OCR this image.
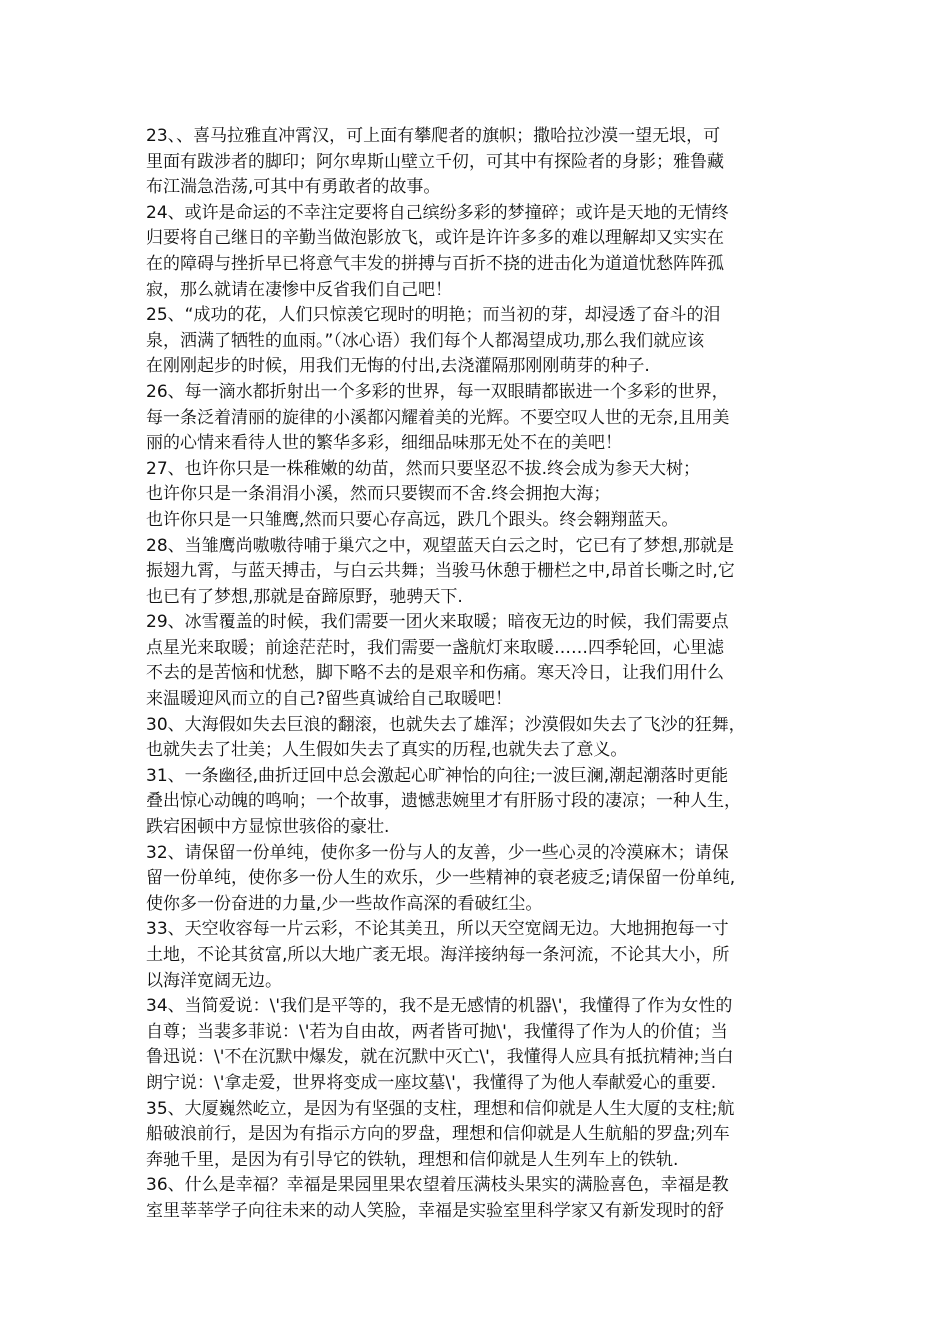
23、、喜马拉雅直冲霄汉，可上面有攀爬者的旗帜；撒哈拉沙漠一望无垠，可
里面有跋涉者的脚印；阿尔卑斯山壁立千仞，可其中有探险者的身影；雅鲁藏
布江湍急浩荡,可其中有勇敢者的故事。
24、或许是命运的不幸注定要将自己缤纷多彩的梦撞碎；或许是天地的无情终
归要将自己继日的辛勤当做泡影放飞，或许是许许多多的难以理解却又实实在
在的障碍与挫折早已将意气丰发的拼搏与百折不挠的进击化为道道忧愁阵阵孤
寂，那么就请在凄惨中反省我们自己吧！
25、“成功的花，人们只惊羡它现时的明艳；而当初的芽，却浸透了奋斗的泪
泉，洒满了牺牲的血雨。”（冰心语）我们每个人都渴望成功,那么我们就应该
在刚刚起步的时候，用我们无悔的付出,去浇灌隔那刚刚萌芽的种子.
26、每一滴水都折射出一个多彩的世界，每一双眼睛都嵌进一个多彩的世界，
每一条泛着清丽的旋律的小溪都闪耀着美的光辉。不要空叹人世的无奈,且用美
丽的心情来看待人世的繁华多彩，细细品味那无处不在的美吧！
27、也许你只是一株稚嫩的幼苗，然而只要坚忍不拔.终会成为参天大树；
也许你只是一条涓涓小溪，然而只要锲而不舍.终会拥抱大海；
也许你只是一只雏鹰,然而只要心存高远，跌几个跟头。终会翱翔蓝天。
28、当雏鹰尚嗷嗷待哺于巢穴之中，观望蓝天白云之时，它已有了梦想,那就是
振翅九霄，与蓝天搏击，与白云共舞；当骏马休憩于栅栏之中,昂首长嘶之时,它
也已有了梦想,那就是奋蹄原野，驰骋天下.
29、冰雪覆盖的时候，我们需要一团火来取暖；暗夜无边的时候，我们需要点
点星光来取暖；前途茫茫时，我们需要一盏航灯来取暖……四季轮回，心里滤
不去的是苦恼和忧愁，脚下略不去的是艰辛和伤痛。寒天冷日，让我们用什么
来温暖迎风而立的自己?留些真诚给自己取暖吧！
30、大海假如失去巨浪的翻滚，也就失去了雄浑；沙漠假如失去了飞沙的狂舞，
也就失去了壮美；人生假如失去了真实的历程,也就失去了意义。
31、一条幽径,曲折迂回中总会激起心旷神怡的向往;一波巨澜,潮起潮落时更能
叠出惊心动魄的鸣响；一个故事，遗憾悲婉里才有肝肠寸段的凄凉；一种人生，
跌宕困顿中方显惊世骇俗的豪壮.
32、请保留一份单纯，使你多一份与人的友善，少一些心灵的冷漠麻木；请保
留一份单纯，使你多一份人生的欢乐，少一些精神的衰老疲乏;请保留一份单纯,
使你多一份奋进的力量,少一些故作高深的看破红尘。
33、天空收容每一片云彩，不论其美丑，所以天空宽阔无边。大地拥抱每一寸
土地，不论其贫富,所以大地广袤无垠。海洋接纳每一条河流，不论其大小，所
以海洋宽阔无边。
34、当简爱说：\'我们是平等的，我不是无感情的机器\'，我懂得了作为女性的
自尊；当裴多菲说：\'若为自由故，两者皆可抛\'，我懂得了作为人的价值；当
鲁迅说：\'不在沉默中爆发，就在沉默中灭亡\'，我懂得人应具有抵抗精神;当白
朗宁说：\'拿走爱，世界将变成一座坟墓\'，我懂得了为他人奉献爱心的重要.
35、大厦巍然屹立，是因为有坚强的支柱，理想和信仰就是人生大厦的支柱;航
船破浪前行，是因为有指示方向的罗盘，理想和信仰就是人生航船的罗盘;列车
奔驰千里，是因为有引导它的铁轨，理想和信仰就是人生列车上的铁轨.
36、什么是幸福？幸福是果园里果农望着压满枝头果实的满脸喜色，幸福是教
室里莘莘学子向往未来的动人笑脸，幸福是实验室里科学家又有新发现时的舒
